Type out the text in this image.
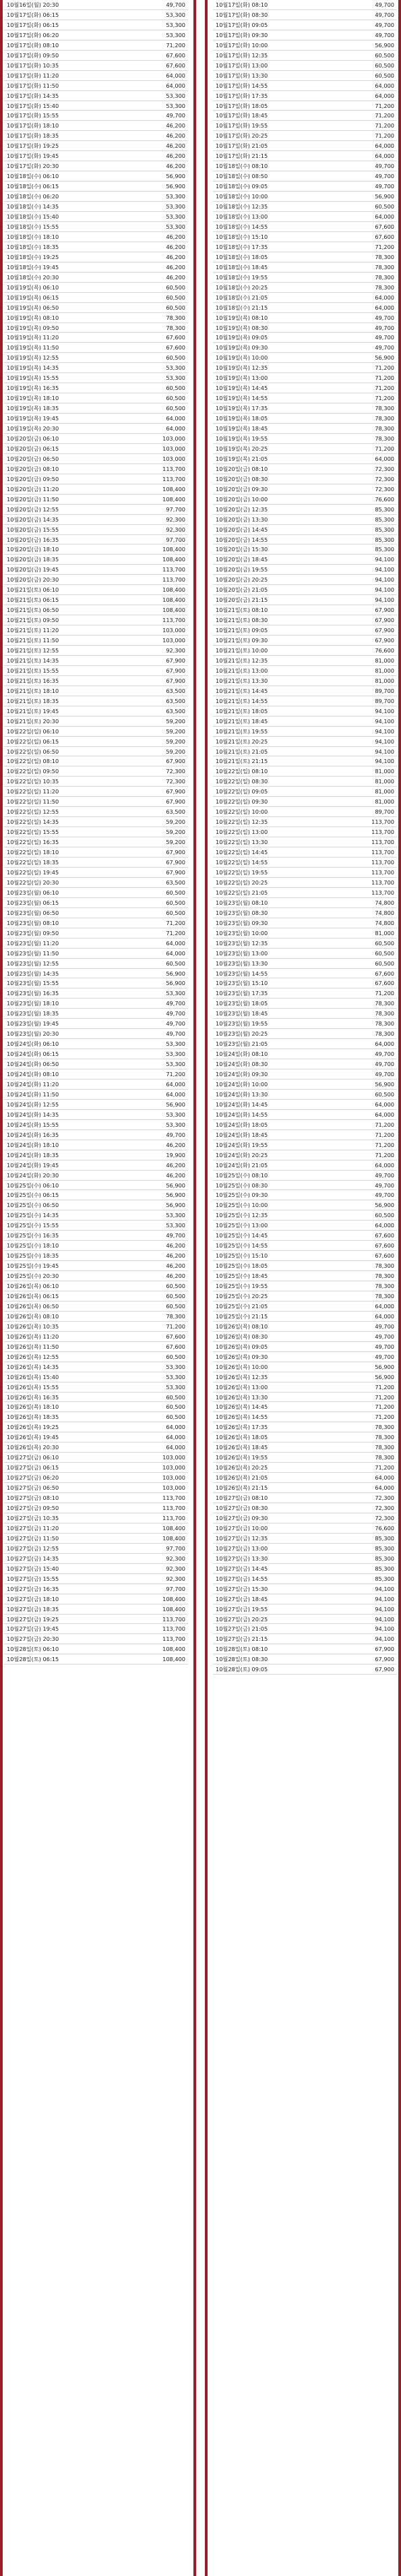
10월16일(월) 20:30	49,700
10월17일(화) 06:15	53,300
10월17일(화) 06:15	53,300
10월17일(화) 06:20	53,300
10월17일(화) 08:10	71,200
10월17일(화) 09:50	67,600
10월17일(화) 10:35	67,600
10월17일(화) 11:20	64,000
10월17일(화) 11:50	64,000
10월17일(화) 14:35	53,300
10월17일(화) 15:40	53,300
10월17일(화) 15:55	49,700
10월17일(화) 18:10	46,200
10월17일(화) 18:35	46,200
10월17일(화) 19:25	46,200
10월17일(화) 19:45	46,200
10월17일(화) 20:30	46,200
10월18일(수) 06:10	56,900
10월18일(수) 06:15	56,900
10월18일(수) 06:20	53,300
10월18일(수) 14:35	53,300
10월18일(수) 15:40	53,300
10월18일(수) 15:55	53,300
10월18일(수) 18:10	46,200
10월18일(수) 18:35	46,200
10월18일(수) 19:25	46,200
10월18일(수) 19:45	46,200
10월18일(수) 20:30	46,200
10월19일(목) 06:10	60,500
10월19일(목) 06:15	60,500
10월19일(목) 06:50	60,500
10월19일(목) 08:10	78,300
10월19일(목) 09:50	78,300
10월19일(목) 11:20	67,600
10월19일(목) 11:50	67,600
10월19일(목) 12:55	60,500
10월19일(목) 14:35	53,300
10월19일(목) 15:55	53,300
10월19일(목) 16:35	60,500
10월19일(목) 18:10	60,500
10월19일(목) 18:35	60,500
10월19일(목) 19:45	64,000
10월19일(목) 20:30	64,000
10월20일(금) 06:10	103,000
10월20일(금) 06:15	103,000
10월20일(금) 06:50	103,000
10월20일(금) 08:10	113,700
10월20일(금) 09:50	113,700
10월20일(금) 11:20	108,400
10월20일(금) 11:50	108,400
10월20일(금) 12:55	97,700
10월20일(금) 14:35	92,300
10월20일(금) 15:55	92,300
10월20일(금) 16:35	97,700
10월20일(금) 18:10	108,400
10월20일(금) 18:35	108,400
10월20일(금) 19:45	113,700
10월20일(금) 20:30	113,700
10월21일(토) 06:10	108,400
10월21일(토) 06:15	108,400
10월21일(토) 06:50	108,400
10월21일(토) 09:50	113,700
10월21일(토) 11:20	103,000
10월21일(토) 11:50	103,000
10월21일(토) 12:55	92,300
10월21일(토) 14:35	67,900
10월21일(토) 15:55	67,900
10월21일(토) 16:35	67,900
10월21일(토) 18:10	63,500
10월21일(토) 18:35	63,500
10월21일(토) 19:45	63,500
10월21일(토) 20:30	59,200
10월22일(일) 06:10	59,200
10월22일(일) 06:15	59,200
10월22일(일) 06:50	59,200
10월22일(일) 08:10	67,900
10월22일(일) 09:50	72,300
10월22일(일) 10:35	72,300
10월22일(일) 11:20	67,900
10월22일(일) 11:50	67,900
10월22일(일) 12:55	63,500
10월22일(일) 14:35	59,200
10월22일(일) 15:55	59,200
10월22일(일) 16:35	59,200
10월22일(일) 18:10	67,900
10월22일(일) 18:35	67,900
10월22일(일) 19:45	67,900
10월22일(일) 20:30	63,500
10월23일(월) 06:10	60,500
10월23일(월) 06:15	60,500
10월23일(월) 06:50	60,500
10월23일(월) 08:10	71,200
10월23일(월) 09:50	71,200
10월23일(월) 11:20	64,000
10월23일(월) 11:50	64,000
10월23일(월) 12:55	60,500
10월23일(월) 14:35	56,900
10월23일(월) 15:55	56,900
10월23일(월) 16:35	53,300
10월23일(월) 18:10	49,700
10월23일(월) 18:35	49,700
10월23일(월) 19:45	49,700
10월23일(월) 20:30	49,700
10월24일(화) 06:10	53,300
10월24일(화) 06:15	53,300
10월24일(화) 06:50	53,300
10월24일(화) 08:10	71,200
10월24일(화) 11:20	64,000
10월24일(화) 11:50	64,000
10월24일(화) 12:55	56,900
10월24일(화) 14:35	53,300
10월24일(화) 15:55	53,300
10월24일(화) 16:35	49,700
10월24일(화) 18:10	46,200
10월24일(화) 18:35	19,900
10월24일(화) 19:45	46,200
10월24일(화) 20:30	46,200
10월25일(수) 06:10	56,900
10월25일(수) 06:15	56,900
10월25일(수) 06:50	56,900
10월25일(수) 14:35	53,300
10월25일(수) 15:55	53,300
10월25일(수) 16:35	49,700
10월25일(수) 18:10	46,200
10월25일(수) 18:35	46,200
10월25일(수) 19:45	46,200
10월25일(수) 20:30	46,200
10월26일(목) 06:10	60,500
10월26일(목) 06:15	60,500
10월26일(목) 06:50	60,500
10월26일(목) 08:10	78,300
10월26일(목) 10:35	71,200
10월26일(목) 11:20	67,600
10월26일(목) 11:50	67,600
10월26일(목) 12:55	60,500
10월26일(목) 14:35	53,300
10월26일(목) 15:40	53,300
10월26일(목) 15:55	53,300
10월26일(목) 16:35	60,500
10월26일(목) 18:10	60,500
10월26일(목) 18:35	60,500
10월26일(목) 19:25	64,000
10월26일(목) 19:45	64,000
10월26일(목) 20:30	64,000
10월27일(금) 06:10	103,000
10월27일(금) 06:15	103,000
10월27일(금) 06:20	103,000
10월27일(금) 06:50	103,000
10월27일(금) 08:10	113,700
10월27일(금) 09:50	113,700
10월27일(금) 10:35	113,700
10월27일(금) 11:20	108,400
10월27일(금) 11:50	108,400
10월27일(금) 12:55	97,700
10월27일(금) 14:35	92,300
10월27일(금) 15:40	92,300
10월27일(금) 15:55	92,300
10월27일(금) 16:35	97,700
10월27일(금) 18:10	108,400
10월27일(금) 18:35	108,400
10월27일(금) 19:25	113,700
10월27일(금) 19:45	113,700
10월27일(금) 20:30	113,700
10월28일(토) 06:10	108,400
10월28일(토) 06:15	108,400
10월17일(화) 08:10	49,700
10월17일(화) 08:30	49,700
10월17일(화) 09:05	49,700
10월17일(화) 09:30	49,700
10월17일(화) 10:00	56,900
10월17일(화) 12:35	60,500
10월17일(화) 13:00	60,500
10월17일(화) 13:30	60,500
10월17일(화) 14:55	64,000
10월17일(화) 17:35	64,000
10월17일(화) 18:05	71,200
10월17일(화) 18:45	71,200
10월17일(화) 19:55	71,200
10월17일(화) 20:25	71,200
10월17일(화) 21:05	64,000
10월17일(화) 21:15	64,000
10월18일(수) 08:10	49,700
10월18일(수) 08:50	49,700
10월18일(수) 09:05	49,700
10월18일(수) 10:00	56,900
10월18일(수) 12:35	60,500
10월18일(수) 13:00	64,000
10월18일(수) 14:55	67,600
10월18일(수) 15:10	67,600
10월18일(수) 17:35	71,200
10월18일(수) 18:05	78,300
10월18일(수) 18:45	78,300
10월18일(수) 19:55	78,300
10월18일(수) 20:25	78,300
10월18일(수) 21:05	64,000
10월18일(수) 21:15	64,000
10월19일(목) 08:10	49,700
10월19일(목) 08:30	49,700
10월19일(목) 09:05	49,700
10월19일(목) 09:30	49,700
10월19일(목) 10:00	56,900
10월19일(목) 12:35	71,200
10월19일(목) 13:00	71,200
10월19일(목) 14:45	71,200
10월19일(목) 14:55	71,200
10월19일(목) 17:35	78,300
10월19일(목) 18:05	78,300
10월19일(목) 18:45	78,300
10월19일(목) 19:55	78,300
10월19일(목) 20:25	71,200
10월19일(목) 21:05	64,000
10월20일(금) 08:10	72,300
10월20일(금) 08:30	72,300
10월20일(금) 09:30	72,300
10월20일(금) 10:00	76,600
10월20일(금) 12:35	85,300
10월20일(금) 13:30	85,300
10월20일(금) 14:45	85,300
10월20일(금) 14:55	85,300
10월20일(금) 15:30	85,300
10월20일(금) 18:45	94,100
10월20일(금) 19:55	94,100
10월20일(금) 20:25	94,100
10월20일(금) 21:05	94,100
10월20일(금) 21:15	94,100
10월21일(토) 08:10	67,900
10월21일(토) 08:30	67,900
10월21일(토) 09:05	67,900
10월21일(토) 09:30	67,900
10월21일(토) 10:00	76,600
10월21일(토) 12:35	81,000
10월21일(토) 13:00	81,000
10월21일(토) 13:30	81,000
10월21일(토) 14:45	89,700
10월21일(토) 14:55	89,700
10월21일(토) 18:05	94,100
10월21일(토) 18:45	94,100
10월21일(토) 19:55	94,100
10월21일(토) 20:25	94,100
10월21일(토) 21:05	94,100
10월21일(토) 21:15	94,100
10월22일(일) 08:10	81,000
10월22일(일) 08:30	81,000
10월22일(일) 09:05	81,000
10월22일(일) 09:30	81,000
10월22일(일) 10:00	89,700
10월22일(일) 12:35	113,700
10월22일(일) 13:00	113,700
10월22일(일) 13:30	113,700
10월22일(일) 14:45	113,700
10월22일(일) 14:55	113,700
10월22일(일) 19:55	113,700
10월22일(일) 20:25	113,700
10월22일(일) 21:05	113,700
10월23일(월) 08:10	74,800
10월23일(월) 08:30	74,800
10월23일(월) 09:30	74,800
10월23일(월) 10:00	81,000
10월23일(월) 12:35	60,500
10월23일(월) 13:00	60,500
10월23일(월) 13:30	60,500
10월23일(월) 14:55	67,600
10월23일(월) 15:10	67,600
10월23일(월) 17:35	71,200
10월23일(월) 18:05	78,300
10월23일(월) 18:45	78,300
10월23일(월) 19:55	78,300
10월23일(월) 20:25	78,300
10월23일(월) 21:05	64,000
10월24일(화) 08:10	49,700
10월24일(화) 08:30	49,700
10월24일(화) 09:30	49,700
10월24일(화) 10:00	56,900
10월24일(화) 13:30	60,500
10월24일(화) 14:45	64,000
10월24일(화) 14:55	64,000
10월24일(화) 18:05	71,200
10월24일(화) 18:45	71,200
10월24일(화) 19:55	71,200
10월24일(화) 20:25	71,200
10월24일(화) 21:05	64,000
10월25일(수) 08:10	49,700
10월25일(수) 08:30	49,700
10월25일(수) 09:30	49,700
10월25일(수) 10:00	56,900
10월25일(수) 12:35	60,500
10월25일(수) 13:00	64,000
10월25일(수) 14:45	67,600
10월25일(수) 14:55	67,600
10월25일(수) 15:10	67,600
10월25일(수) 18:05	78,300
10월25일(수) 18:45	78,300
10월25일(수) 19:55	78,300
10월25일(수) 20:25	78,300
10월25일(수) 21:05	64,000
10월25일(수) 21:15	64,000
10월26일(목) 08:10	49,700
10월26일(목) 08:30	49,700
10월26일(목) 09:05	49,700
10월26일(목) 09:30	49,700
10월26일(목) 10:00	56,900
10월26일(목) 12:35	56,900
10월26일(목) 13:00	71,200
10월26일(목) 13:30	71,200
10월26일(목) 14:45	71,200
10월26일(목) 14:55	71,200
10월26일(목) 17:35	78,300
10월26일(목) 18:05	78,300
10월26일(목) 18:45	78,300
10월26일(목) 19:55	78,300
10월26일(목) 20:25	71,200
10월26일(목) 21:05	64,000
10월26일(목) 21:15	64,000
10월27일(금) 08:10	72,300
10월27일(금) 08:30	72,300
10월27일(금) 09:30	72,300
10월27일(금) 10:00	76,600
10월27일(금) 12:35	85,300
10월27일(금) 13:00	85,300
10월27일(금) 13:30	85,300
10월27일(금) 14:45	85,300
10월27일(금) 14:55	85,300
10월27일(금) 15:30	94,100
10월27일(금) 18:45	94,100
10월27일(금) 19:55	94,100
10월27일(금) 20:25	94,100
10월27일(금) 21:05	94,100
10월27일(금) 21:15	94,100
10월28일(토) 08:10	67,900
10월28일(토) 08:30	67,900
10월28일(토) 09:05	67,900
